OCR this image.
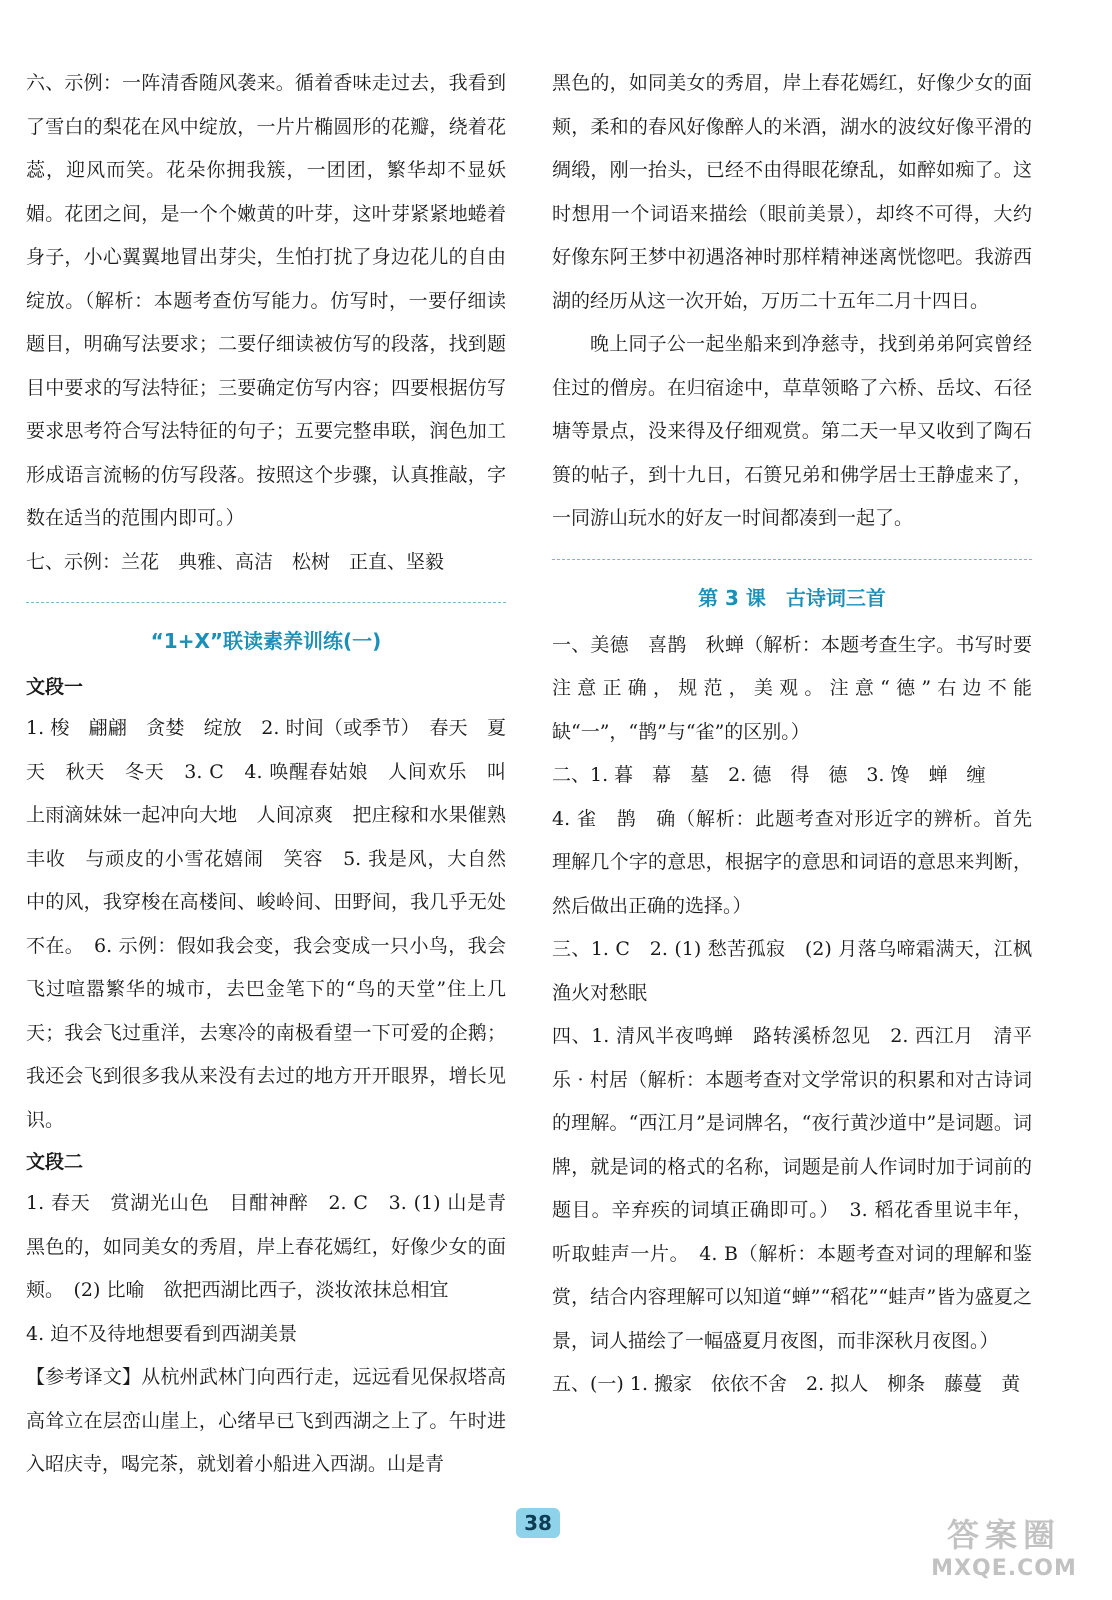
六、示例：一阵清香随风袭来。循着香味走过去，我看到了雪白的梨花在风中绽放，一片片椭圆形的花瓣，绕着花蕊，迎风而笑。花朵你拥我簇，一团团，繁华却不显妖媚。花团之间，是一个个嫩黄的叶芽，这叶芽紧紧地蜷着身子，小心翼翼地冒出芽尖，生怕打扰了身边花儿的自由绽放。（解析：本题考查仿写能力。仿写时，一要仔细读题目，明确写法要求；二要仔细读被仿写的段落，找到题目中要求的写法特征；三要确定仿写内容；四要根据仿写要求思考符合写法特征的句子；五要完整串联，润色加工形成语言流畅的仿写段落。按照这个步骤，认真推敲，字数在适当的范围内即可。）

七、示例：兰花　典雅、高洁　松树　正直、坚毅

“1+X”联读素养训练(一)
文段一

1. 梭　翩翩　贪婪　绽放　2. 时间（或季节）　春天　夏天　秋天　冬天　3. C　4. 唤醒春姑娘　人间欢乐　叫上雨滴妹妹一起冲向大地　人间凉爽　把庄稼和水果催熟　丰收　与顽皮的小雪花嬉闹　笑容　5. 我是风，大自然中的风，我穿梭在高楼间、峻岭间、田野间，我几乎无处不在。　6. 示例：假如我会变，我会变成一只小鸟，我会飞过喧嚣繁华的城市，去巴金笔下的“鸟的天堂”住上几天；我会飞过重洋，去寒冷的南极看望一下可爱的企鹅；我还会飞到很多我从来没有去过的地方开开眼界，增长见识。

文段二

1. 春天　赏湖光山色　目酣神醉　2. C　3. (1) 山是青黑色的，如同美女的秀眉，岸上春花嫣红，好像少女的面颊。　(2) 比喻　欲把西湖比西子，淡妆浓抹总相宜

4. 迫不及待地想要看到西湖美景

【参考译文】从杭州武林门向西行走，远远看见保叔塔高高耸立在层峦山崖上，心绪早已飞到西湖之上了。午时进入昭庆寺，喝完茶，就划着小船进入西湖。山是青

黑色的，如同美女的秀眉，岸上春花嫣红，好像少女的面颊，柔和的春风好像醉人的米酒，湖水的波纹好像平滑的绸缎，刚一抬头，已经不由得眼花缭乱，如醉如痴了。这时想用一个词语来描绘（眼前美景），却终不可得，大约好像东阿王梦中初遇洛神时那样精神迷离恍惚吧。我游西湖的经历从这一次开始，万历二十五年二月十四日。

晚上同子公一起坐船来到净慈寺，找到弟弟阿宾曾经住过的僧房。在归宿途中，草草领略了六桥、岳坟、石径塘等景点，没来得及仔细观赏。第二天一早又收到了陶石篑的帖子，到十九日，石篑兄弟和佛学居士王静虚来了，一同游山玩水的好友一时间都凑到一起了。

第 3 课　古诗词三首

一、美德　喜鹊　秋蝉（解析：本题考查生字。书写时要注意正确，规范，美观。注意“德”右边不能缺“一”，“鹊”与“雀”的区别。）

二、1. 暮　幕　墓　2. 德　得　德　3. 馋　蝉　缠

4. 雀　鹊　确（解析：此题考查对形近字的辨析。首先理解几个字的意思，根据字的意思和词语的意思来判断，然后做出正确的选择。）

三、1. C　2. (1) 愁苦孤寂　(2) 月落乌啼霜满天，江枫渔火对愁眠

四、1. 清风半夜鸣蝉　路转溪桥忽见　2. 西江月　清平乐 · 村居（解析：本题考查对文学常识的积累和对古诗词的理解。“西江月”是词牌名，“夜行黄沙道中”是词题。词牌，就是词的格式的名称，词题是前人作词时加于词前的题目。辛弃疾的词填正确即可。）　3. 稻花香里说丰年，听取蛙声一片。　4. B（解析：本题考查对词的理解和鉴赏，结合内容理解可以知道“蝉”“稻花”“蛙声”皆为盛夏之景，词人描绘了一幅盛夏月夜图，而非深秋月夜图。）

五、(一) 1. 搬家　依依不舍　2. 拟人　柳条　藤蔓　黄

38	答案圈
MXQE.COM
